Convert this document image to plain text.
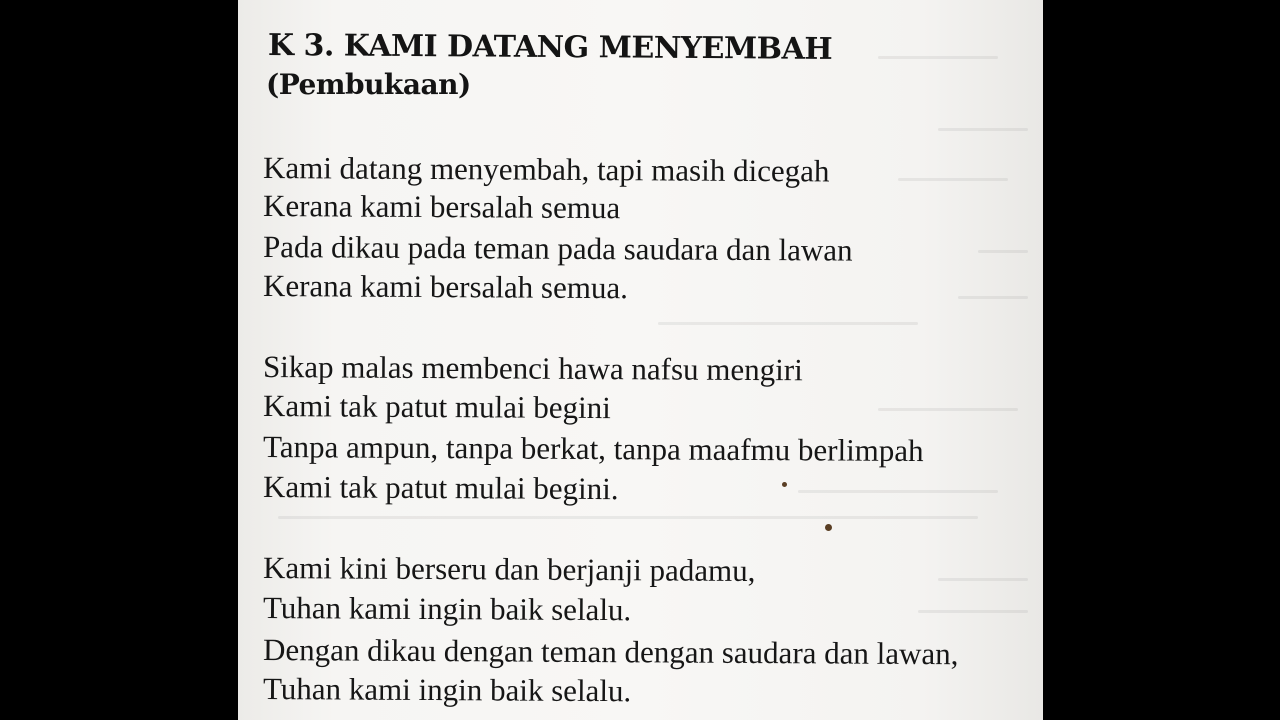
K 3. KAMI DATANG MENYEMBAH
(Pembukaan)
Kami datang menyembah, tapi masih dicegah
Kerana kami bersalah semua
Pada dikau pada teman pada saudara dan lawan
Kerana kami bersalah semua.
Sikap malas membenci hawa nafsu mengiri
Kami tak patut mulai begini
Tanpa ampun, tanpa berkat, tanpa maafmu berlimpah
Kami tak patut mulai begini.
Kami kini berseru dan berjanji padamu,
Tuhan kami ingin baik selalu.
Dengan dikau dengan teman dengan saudara dan lawan,
Tuhan kami ingin baik selalu.
